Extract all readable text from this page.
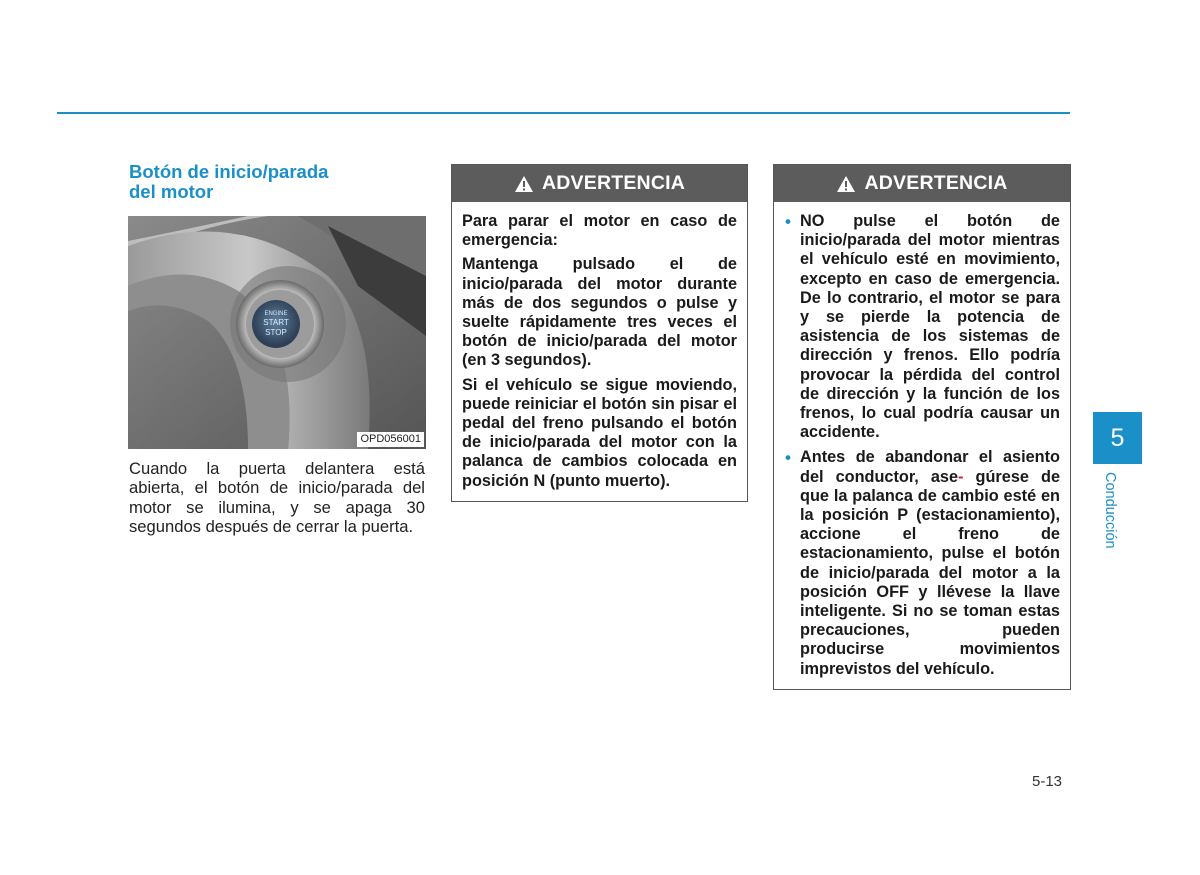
Botón de inicio/parada
del motor
ENGINE
START
STOP
OPD056001

Cuando la puerta delantera está abierta, el botón de inicio/parada del motor se ilumina, y se apaga 30 segundos después de cerrar la puerta.

ADVERTENCIA

Para parar el motor en caso de emergencia:

Mantenga pulsado el de inicio/parada del motor durante más de dos segundos o pulse y suelte rápidamente tres veces el botón de inicio/parada del motor (en 3 segundos).

Si el vehículo se sigue moviendo, puede reiniciar el botón sin pisar el pedal del freno pulsando el botón de inicio/parada del motor con la palanca de cambios colocada en posición N (punto muerto).

ADVERTENCIA
• NO pulse el botón de inicio/parada del motor mientras el vehículo esté en movimiento, excepto en caso de emergencia. De lo contrario, el motor se para y se pierde la potencia de asistencia de los sistemas de dirección y frenos. Ello podría provocar la pérdida del control de dirección y la función de los frenos, lo cual podría causar un accidente.
• Antes de abandonar el asiento del conductor, ase- gúrese de que la palanca de cambio esté en la posición P (estacionamiento), accione el freno de estacionamiento, pulse el botón de inicio/parada del motor a la posición OFF y llévese la llave inteligente. Si no se toman estas precauciones, pueden producirse movimientos imprevistos del vehículo.
5
Conducción
5-13
